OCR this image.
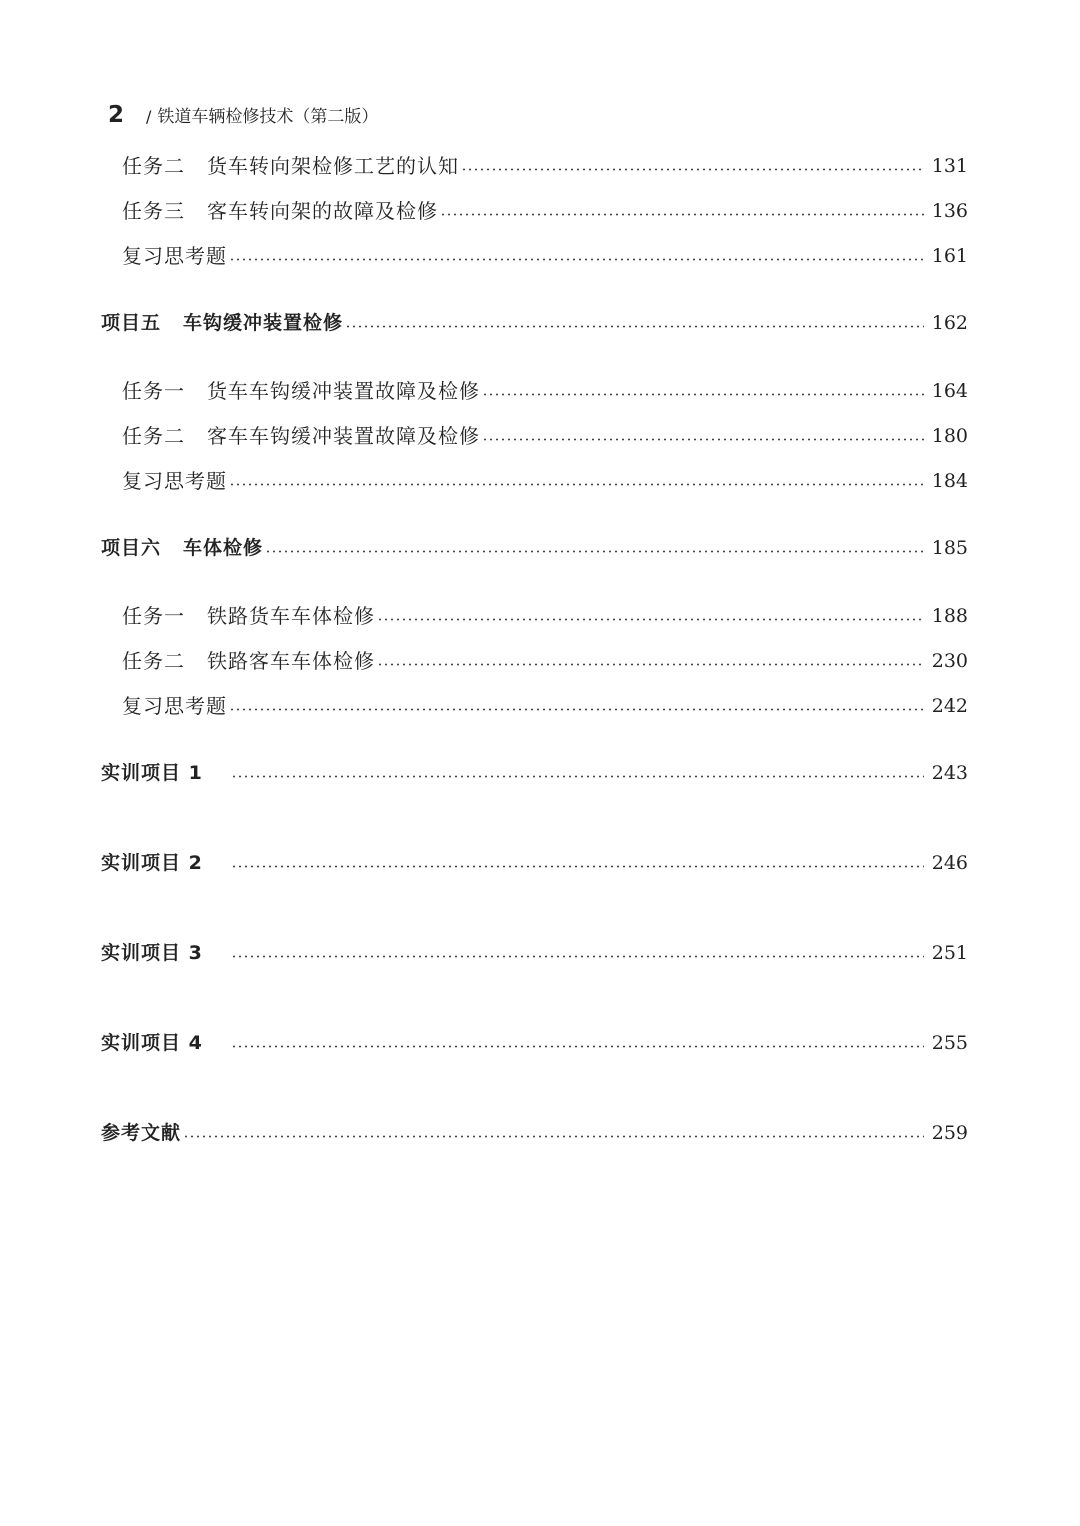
2 / 铁道车辆检修技术（第二版）
任务二 货车转向架检修工艺的认知	131
任务三 客车转向架的故障及检修	136
复习思考题	161
项目五 车钩缓冲装置检修	162
任务一 货车车钩缓冲装置故障及检修	164
任务二 客车车钩缓冲装置故障及检修	180
复习思考题	184
项目六 车体检修	185
任务一 铁路货车车体检修	188
任务二 铁路客车车体检修	230
复习思考题	242
实训项目 1	243
实训项目 2	246
实训项目 3	251
实训项目 4	255
参考文献	259
